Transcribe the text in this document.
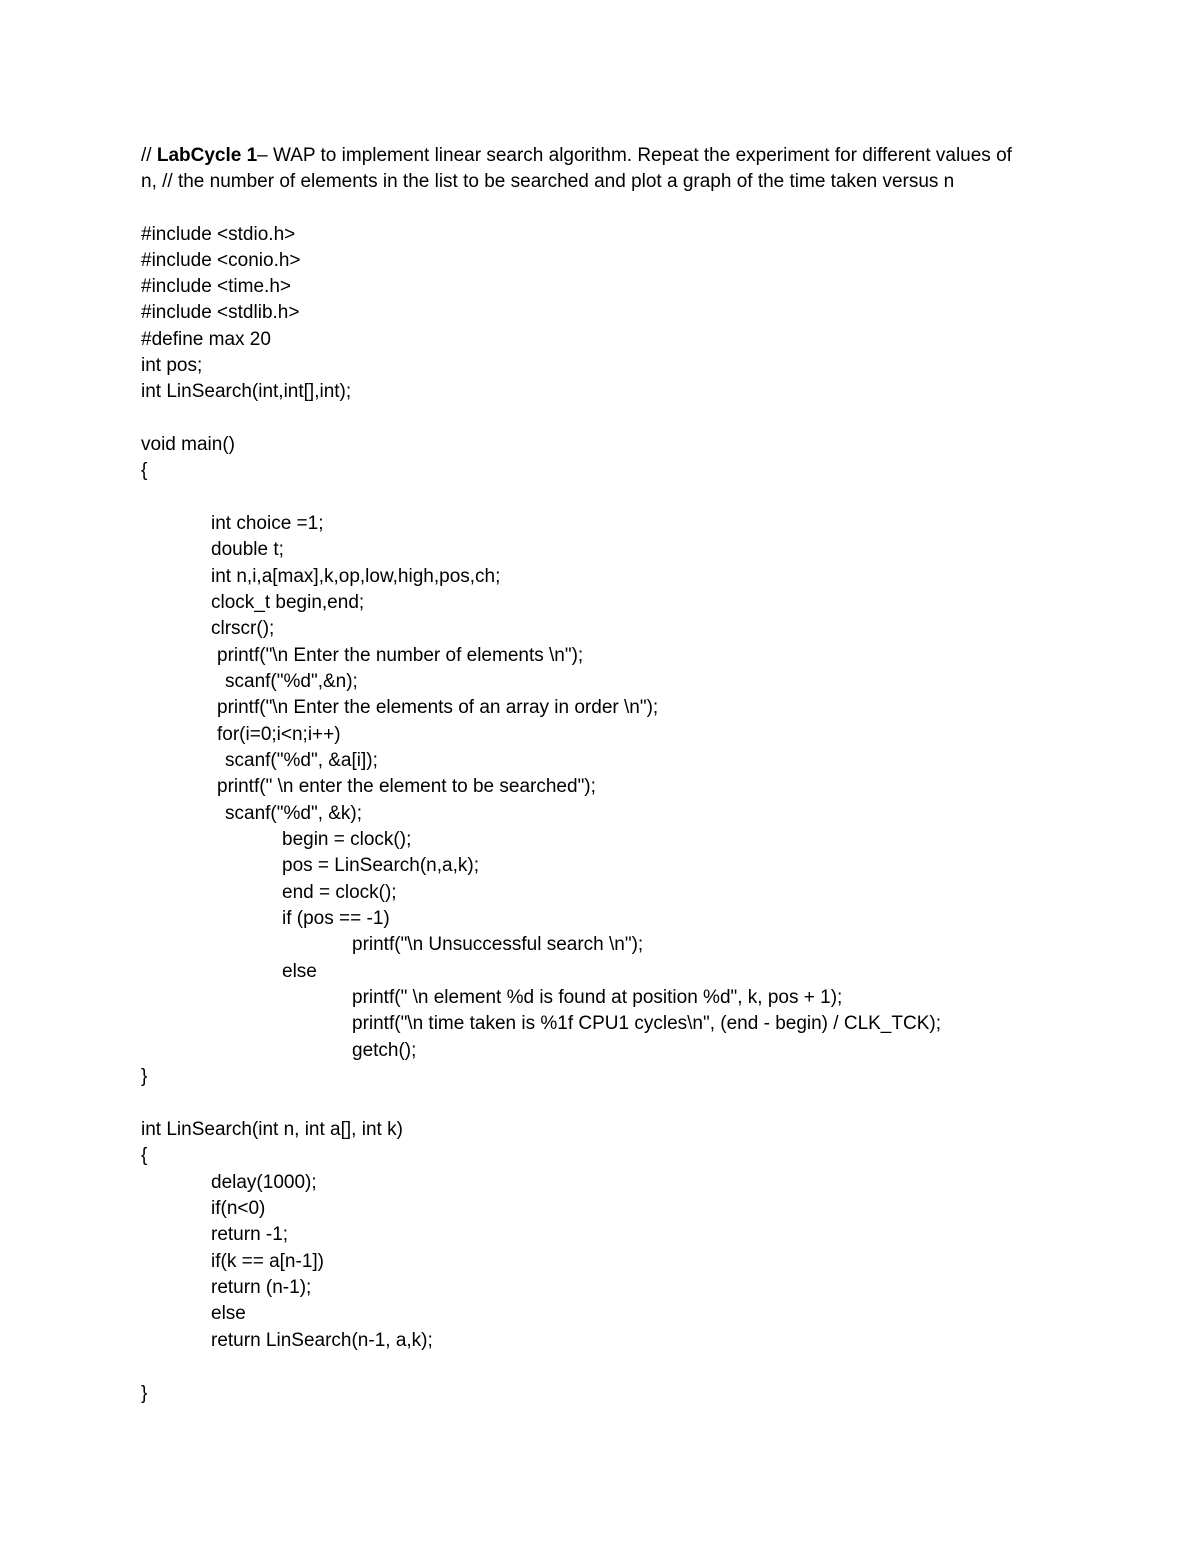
// LabCycle 1– WAP to implement linear search algorithm. Repeat the experiment for different values of
n, // the number of elements in the list to be searched and plot a graph of the time taken versus n
#include <stdio.h>
#include <conio.h>
#include <time.h>
#include <stdlib.h>
#define max 20
int pos;
int LinSearch(int,int[],int);
void main()
{
int choice =1;
double t;
int n,i,a[max],k,op,low,high,pos,ch;
clock_t begin,end;
clrscr();
printf("\n Enter the number of elements \n");
scanf("%d",&n);
printf("\n Enter the elements of an array in order \n");
for(i=0;i<n;i++)
scanf("%d", &a[i]);
printf(" \n enter the element to be searched");
scanf("%d", &k);
begin = clock();
pos = LinSearch(n,a,k);
end = clock();
if (pos == -1)
printf("\n Unsuccessful search \n");
else
printf(" \n element %d is found at position %d", k, pos + 1);
printf("\n time taken is %1f CPU1 cycles\n", (end - begin) / CLK_TCK);
getch();
}
int LinSearch(int n, int a[], int k)
{
delay(1000);
if(n<0)
return -1;
if(k == a[n-1])
return (n-1);
else
return LinSearch(n-1, a,k);
}
